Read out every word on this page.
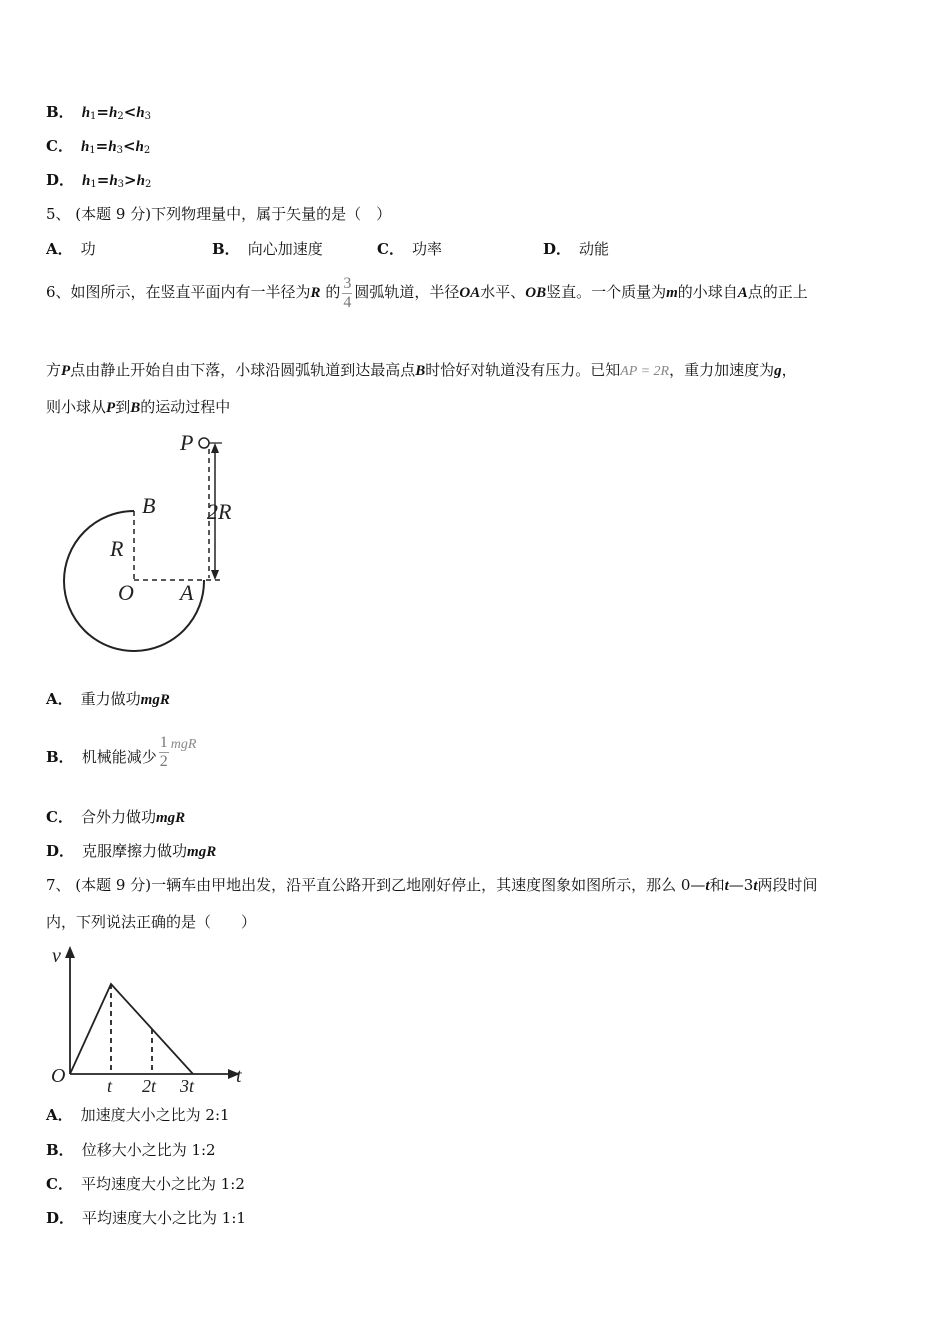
B． $h_1=h_2<h_3$
C． $h_1=h_3<h_2$
D． $h_1=h_3>h_2$
5、 (本题 9 分)下列物理量中，属于矢量的是（　）
A． 功	B． 向心加速度	C． 功率	D． 动能
6、如图所示，在竖直平面内有一半径为R 的 $\frac{3}{4}$ 圆弧轨道，半径OA水平、OB竖直。一个质量为m的小球自A点的正上
方P点由静止开始自由下落，小球沿圆弧轨道到达最高点B时恰好对轨道没有压力。已知AP = 2R，重力加速度为g，
则小球从P到B的运动过程中
P
B
R
2R
O A
A． 重力做功mgR
B． 机械能减少 $\frac{1}{2}$ mgR
C． 合外力做功mgR
D． 克服摩擦力做功mgR
7、 (本题 9 分)一辆车由甲地出发，沿平直公路开到乙地刚好停止，其速度图象如图所示，那么 0—t和t—3t两段时间
内，下列说法正确的是（　　）
v
O t 2t 3t t
A． 加速度大小之比为 2:1
B． 位移大小之比为 1:2
C． 平均速度大小之比为 1:2
D． 平均速度大小之比为 1:1
